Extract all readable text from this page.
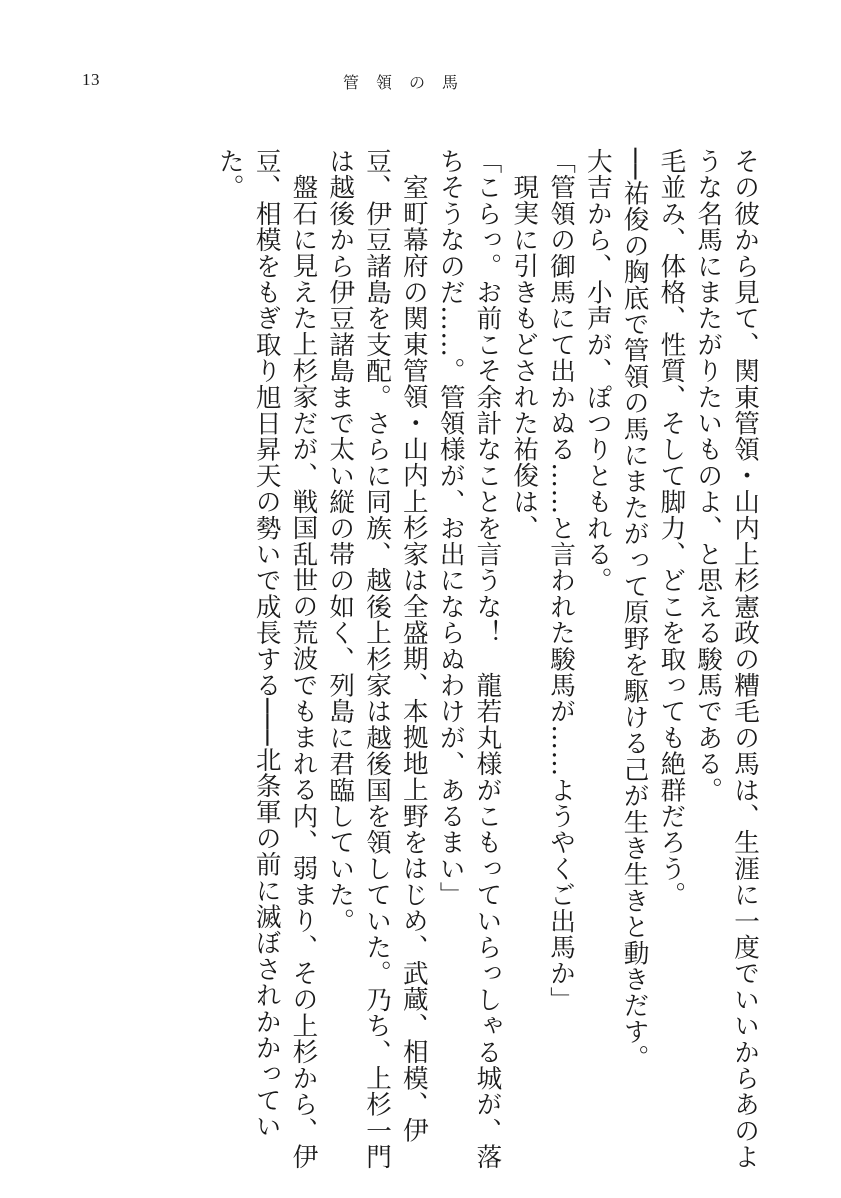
13	管領の馬

その彼から見て、関東管領・山内上杉憲政の糟毛の馬は、生涯に一度でいいからあのような名馬にまたがりたいものよ、と思える駿馬である。

毛並み、体格、性質、そして脚力、どこを取っても絶群だろう。

──祐俊の胸底で管領の馬にまたがって原野を駆ける己が生き生きと動きだす。

大吉から、小声が、ぽつりともれる。

「管領の御馬にて出かぬる……と言われた駿馬が……ようやくご出馬か」

現実に引きもどされた祐俊は、

「こらっ。お前こそ余計なことを言うな！　龍若丸様がこもっていらっしゃる城が、落ちそうなのだ……。管領様が、お出にならぬわけが、あるまい」

室町幕府の関東管領・山内上杉家は全盛期、本拠地上野をはじめ、武蔵、相模、伊豆、伊豆諸島を支配。さらに同族、越後上杉家は越後国を領していた。乃ち、上杉一門は越後から伊豆諸島まで太い縦の帯の如く、列島に君臨していた。

盤石に見えた上杉家だが、戦国乱世の荒波でもまれる内、弱まり、その上杉から、伊豆、相模をもぎ取り旭日昇天の勢いで成長する───北条軍の前に滅ぼされかかっていた。
